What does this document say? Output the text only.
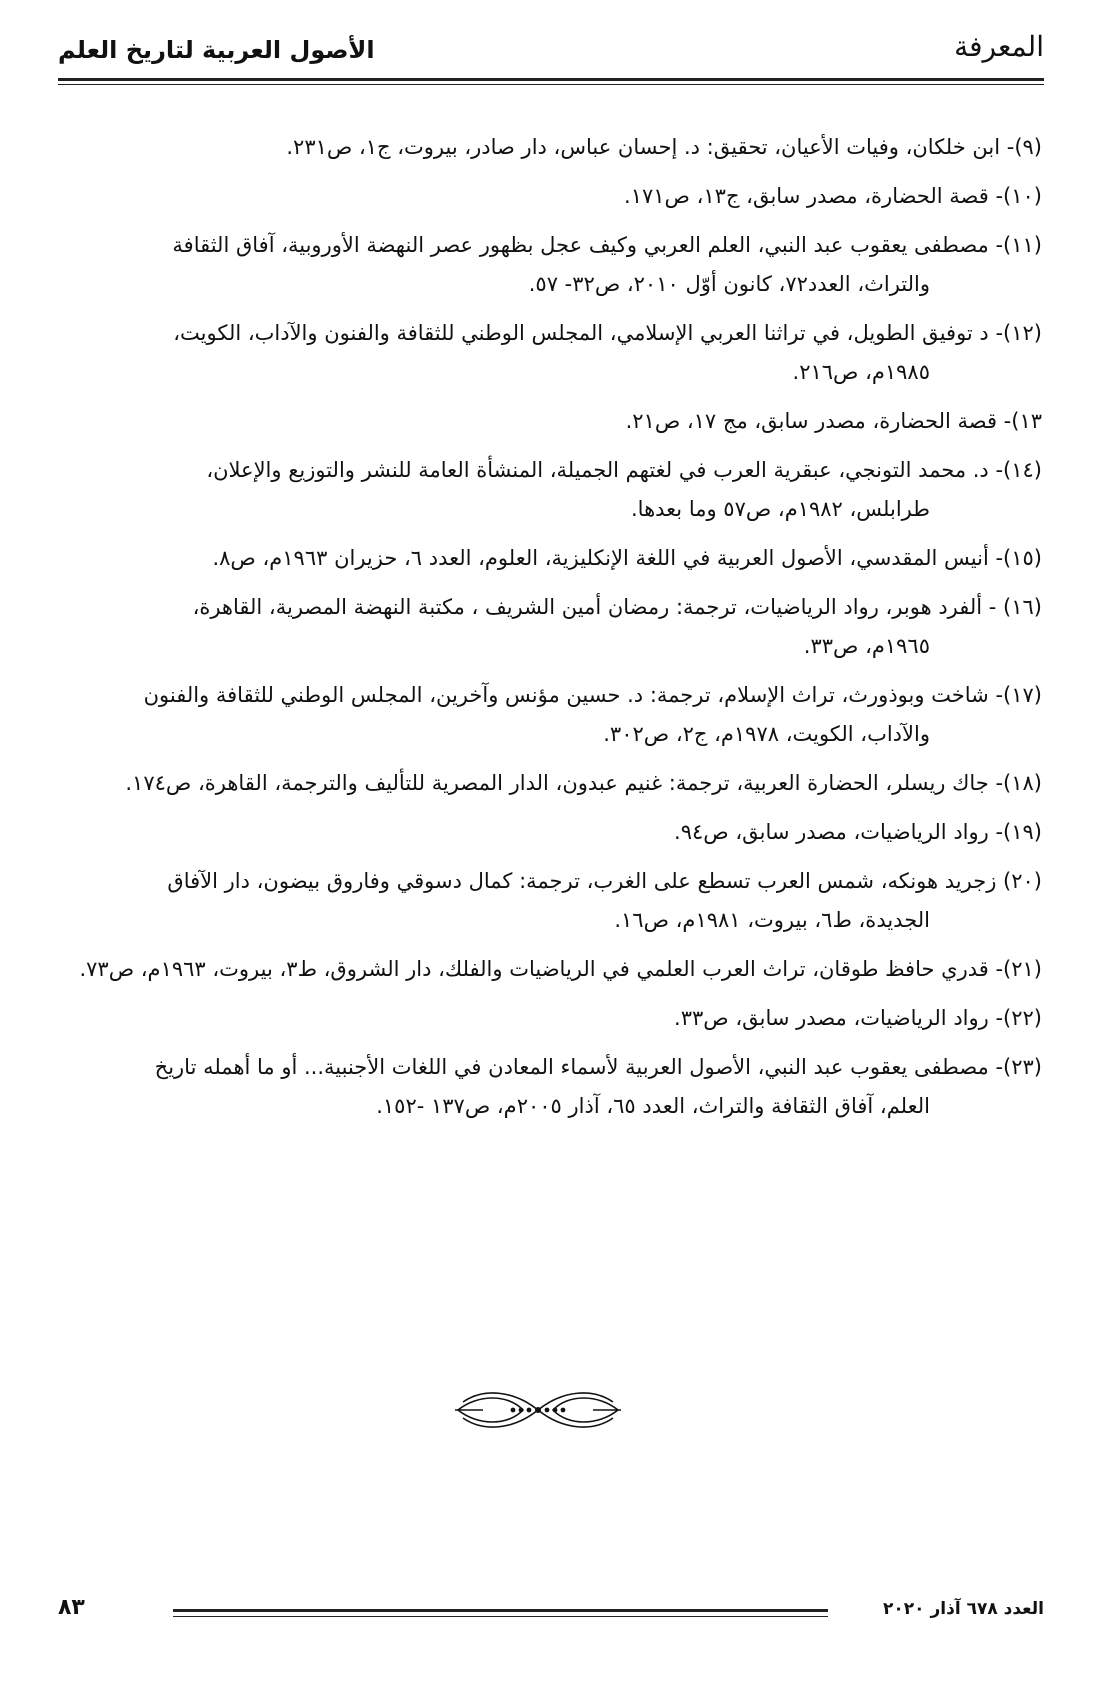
الأصول العربية لتاريخ العلم	المعرفة
(٩)- ابن خلكان، وفيات الأعيان، تحقيق: د. إحسان عباس، دار صادر، بيروت، ج١، ص٢٣١.
(١٠)- قصة الحضارة، مصدر سابق، ج١٣، ص١٧١.
(١١)- مصطفى يعقوب عبد النبي، العلم العربي وكيف عجل بظهور عصر النهضة الأوروبية، آفاق الثقافة
والتراث، العدد٧٢، كانون أوّل ٢٠١٠، ص٣٢- ٥٧.
(١٢)- د توفيق الطويل، في تراثنا العربي الإسلامي، المجلس الوطني للثقافة والفنون والآداب، الكويت،
١٩٨٥م، ص٢١٦.
١٣)- قصة الحضارة، مصدر سابق، مج ١٧، ص٢١.
(١٤)- د. محمد التونجي، عبقرية العرب في لغتهم الجميلة، المنشأة العامة للنشر والتوزيع والإعلان،
طرابلس، ١٩٨٢م، ص٥٧ وما بعدها.
(١٥)- أنيس المقدسي، الأصول العربية في اللغة الإنكليزية، العلوم، العدد ٦، حزيران ١٩٦٣م، ص٨.
(١٦) - ألفرد هوبر، رواد الرياضيات، ترجمة: رمضان أمين الشريف ، مكتبة النهضة المصرية، القاهرة،
١٩٦٥م، ص٣٣.
(١٧)- شاخت وبوذورث، تراث الإسلام، ترجمة: د. حسين مؤنس وآخرين، المجلس الوطني للثقافة والفنون
والآداب، الكويت، ١٩٧٨م، ج٢، ص٣٠٢.
(١٨)- جاك ريسلر، الحضارة العربية، ترجمة: غنيم عبدون، الدار المصرية للتأليف والترجمة، القاهرة، ص١٧٤.
(١٩)- رواد الرياضيات، مصدر سابق، ص٩٤.
(٢٠) زجريد هونكه، شمس العرب تسطع على الغرب، ترجمة: كمال دسوقي وفاروق بيضون، دار الآفاق
الجديدة، ط٦، بيروت، ١٩٨١م، ص١٦.
(٢١)- قدري حافظ طوقان، تراث العرب العلمي في الرياضيات والفلك، دار الشروق، ط٣، بيروت، ١٩٦٣م، ص٧٣.
(٢٢)- رواد الرياضيات، مصدر سابق، ص٣٣.
(٢٣)- مصطفى يعقوب عبد النبي، الأصول العربية لأسماء المعادن في اللغات الأجنبية... أو ما أهمله تاريخ
العلم، آفاق الثقافة والتراث، العدد ٦٥، آذار ٢٠٠٥م، ص١٣٧ -١٥٢.
٨٣	العدد ٦٧٨ آذار ٢٠٢٠
